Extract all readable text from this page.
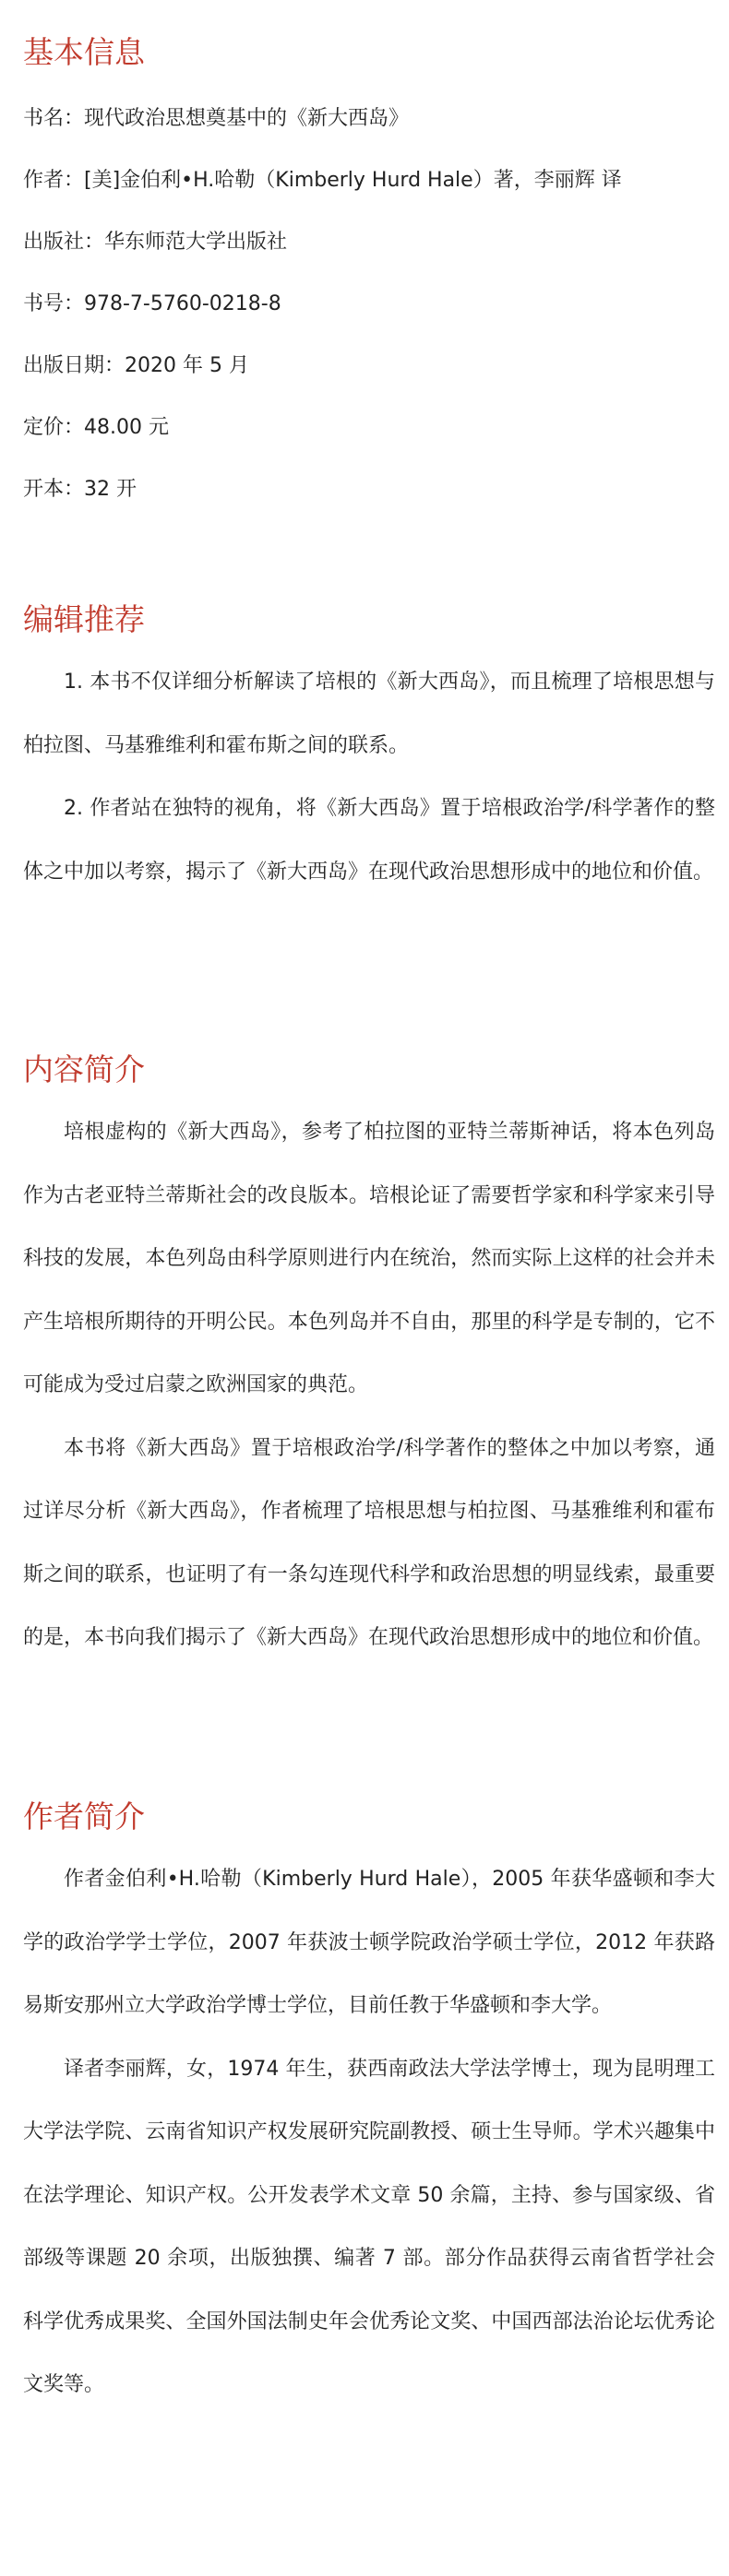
基本信息
书名：现代政治思想奠基中的《新大西岛》
作者：[美]金伯利•H.哈勒（Kimberly Hurd Hale）著，李丽辉 译
出版社：华东师范大学出版社
书号：978-7-5760-0218-8
出版日期：2020 年 5 月
定价：48.00 元
开本：32 开
编辑推荐

1. 本书不仅详细分析解读了培根的《新大西岛》，而且梳理了培根思想与柏拉图、马基雅维利和霍布斯之间的联系。

2. 作者站在独特的视角，将《新大西岛》置于培根政治学/科学著作的整体之中加以考察，揭示了《新大西岛》在现代政治思想形成中的地位和价值。

内容简介

培根虚构的《新大西岛》，参考了柏拉图的亚特兰蒂斯神话，将本色列岛作为古老亚特兰蒂斯社会的改良版本。培根论证了需要哲学家和科学家来引导科技的发展，本色列岛由科学原则进行内在统治，然而实际上这样的社会并未产生培根所期待的开明公民。本色列岛并不自由，那里的科学是专制的，它不可能成为受过启蒙之欧洲国家的典范。

本书将《新大西岛》置于培根政治学/科学著作的整体之中加以考察，通过详尽分析《新大西岛》，作者梳理了培根思想与柏拉图、马基雅维利和霍布斯之间的联系，也证明了有一条勾连现代科学和政治思想的明显线索，最重要的是，本书向我们揭示了《新大西岛》在现代政治思想形成中的地位和价值。

作者简介

作者金伯利•H.哈勒（Kimberly Hurd Hale），2005 年获华盛顿和李大学的政治学学士学位，2007 年获波士顿学院政治学硕士学位，2012 年获路易斯安那州立大学政治学博士学位，目前任教于华盛顿和李大学。

译者李丽辉，女，1974 年生，获西南政法大学法学博士，现为昆明理工大学法学院、云南省知识产权发展研究院副教授、硕士生导师。学术兴趣集中在法学理论、知识产权。公开发表学术文章 50 余篇，主持、参与国家级、省部级等课题 20 余项，出版独撰、编著 7 部。部分作品获得云南省哲学社会科学优秀成果奖、全国外国法制史年会优秀论文奖、中国西部法治论坛优秀论文奖等。
